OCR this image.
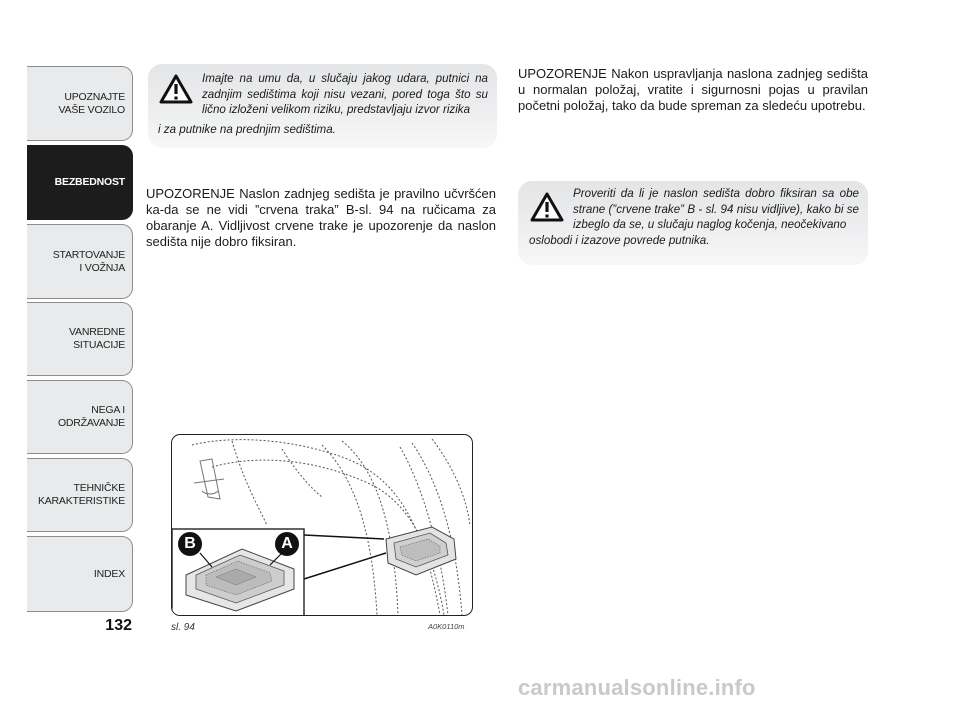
UPOZNAJTE
VAŠE VOZILO
BEZBEDNOST
STARTOVANJE
I VOŽNJA
VANREDNE
SITUACIJE
NEGA I
ODRŽAVANJE
TEHNIČKE
KARAKTERISTIKE
INDEX
132
Imajte na umu da, u slučaju jakog udara, putnici na zadnjim sedištima koji nisu vezani, pored toga što su lično izloženi velikom riziku, predstavljaju izvor rizika
i za putnike na prednjim sedištima.
UPOZORENJE Naslon zadnjeg sedišta je pravilno učvršćen ka-da se ne vidi ”crvena traka” B-sl. 94 na ručicama za obaranje A. Vidljivost crvene trake je upozorenje da naslon sedišta nije dobro fiksiran.
UPOZORENJE Nakon uspravljanja naslona zadnjeg sedišta u normalan položaj, vratite i sigurnosni pojas u pravilan početni položaj, tako da bude spreman za sledeću upotrebu.
Proveriti da li je naslon sedišta dobro fiksiran sa obe strane (”crvene trake” B - sl. 94 nisu vidljive), kako bi se izbeglo da se, u slučaju naglog kočenja, neočekivano
oslobodi i izazove povrede putnika.
B	A
sl. 94	A0K0110m
carmanualsonline.info
